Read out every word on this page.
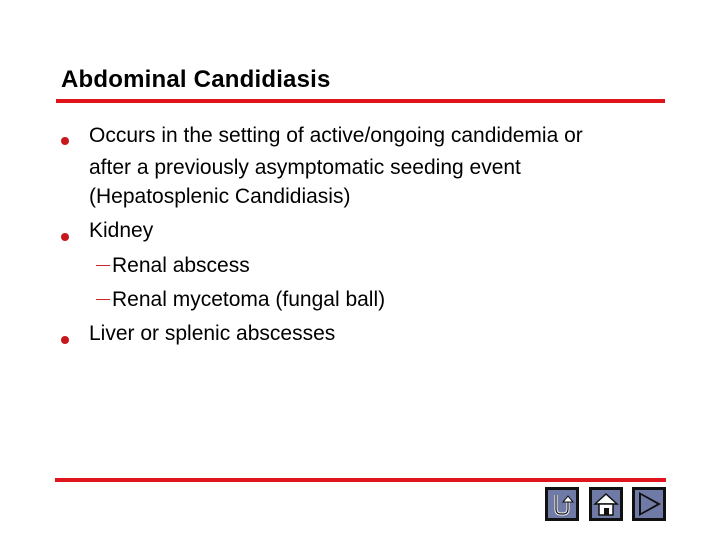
Abdominal Candidiasis
Occurs in the setting of active/ongoing candidemia or
after a previously asymptomatic seeding event
(Hepatosplenic Candidiasis)
Kidney
—Renal abscess
—Renal mycetoma (fungal ball)
Liver or splenic abscesses
